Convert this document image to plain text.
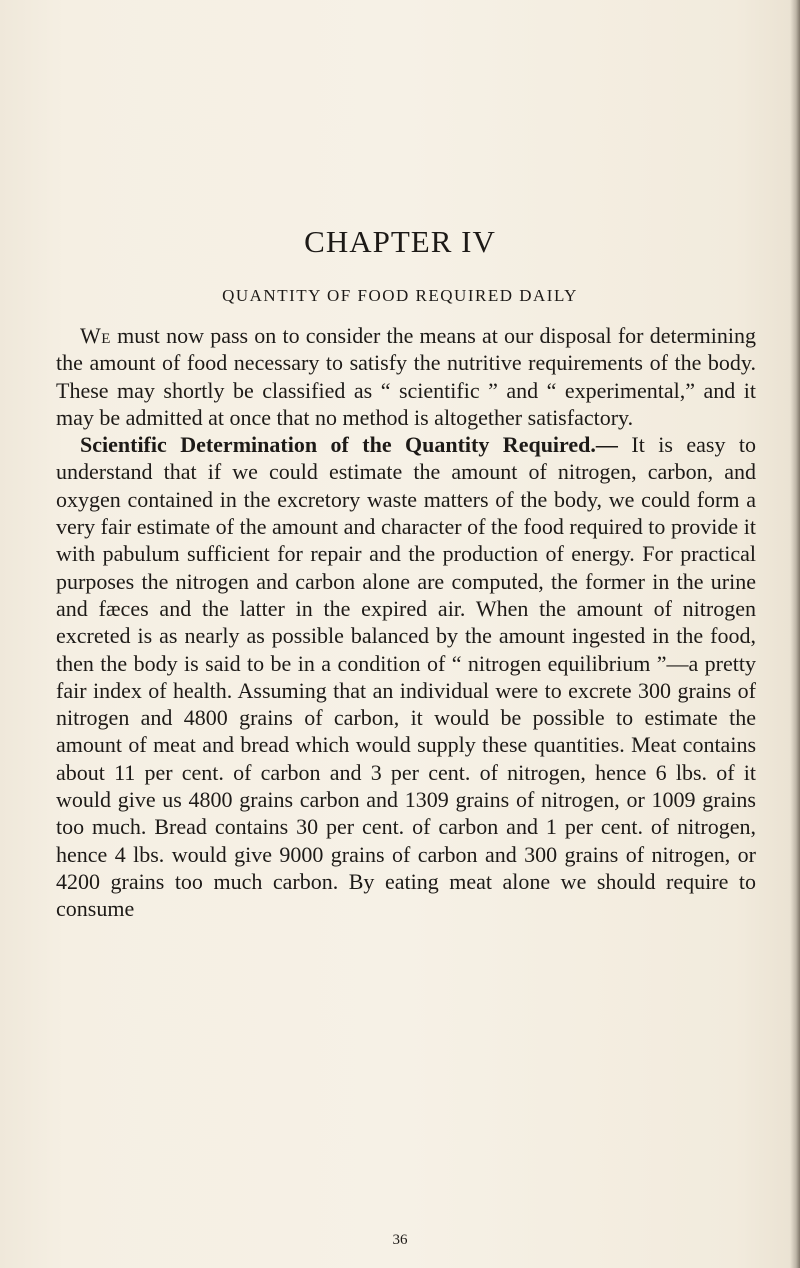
CHAPTER IV
QUANTITY OF FOOD REQUIRED DAILY

We must now pass on to consider the means at our disposal for determining the amount of food necessary to satisfy the nutritive requirements of the body. These may shortly be classified as “ scientific ” and “ experimental,” and it may be admitted at once that no method is altogether satisfactory.

Scientific Determination of the Quantity Required.— It is easy to understand that if we could estimate the amount of nitrogen, carbon, and oxygen contained in the excretory waste matters of the body, we could form a very fair estimate of the amount and character of the food required to provide it with pabulum sufficient for repair and the production of energy. For practical purposes the nitrogen and carbon alone are computed, the former in the urine and fæces and the latter in the expired air. When the amount of nitrogen excreted is as nearly as possible balanced by the amount ingested in the food, then the body is said to be in a condition of “ nitrogen equilibrium ”—a pretty fair index of health. Assuming that an individual were to excrete 300 grains of nitrogen and 4800 grains of carbon, it would be possible to estimate the amount of meat and bread which would supply these quantities. Meat contains about 11 per cent. of carbon and 3 per cent. of nitrogen, hence 6 lbs. of it would give us 4800 grains carbon and 1309 grains of nitrogen, or 1009 grains too much. Bread contains 30 per cent. of carbon and 1 per cent. of nitrogen, hence 4 lbs. would give 9000 grains of carbon and 300 grains of nitrogen, or 4200 grains too much carbon. By eating meat alone we should require to consume

36
